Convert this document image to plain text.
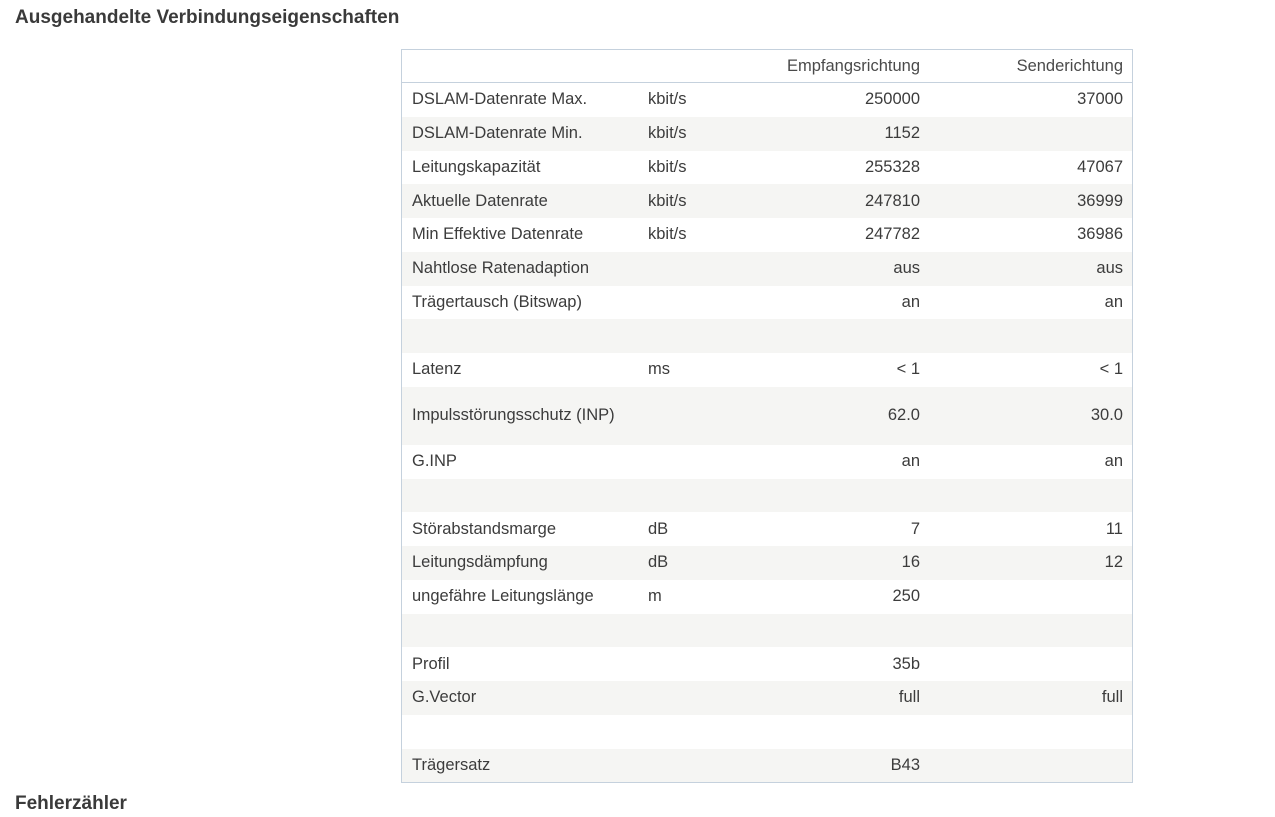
Ausgehandelte Verbindungseigenschaften
		Empfangsrichtung	Senderichtung
DSLAM-Datenrate Max.	kbit/s	250000	37000
DSLAM-Datenrate Min.	kbit/s	1152	
Leitungskapazität	kbit/s	255328	47067
Aktuelle Datenrate	kbit/s	247810	36999
Min Effektive Datenrate	kbit/s	247782	36986
Nahtlose Ratenadaption		aus	aus
Trägertausch (Bitswap)		an	an

Latenz	ms	< 1	< 1
Impulsstörungsschutz (INP)		62.0	30.0
G.INP		an	an

Störabstandsmarge	dB	7	11
Leitungsdämpfung	dB	16	12
ungefähre Leitungslänge	m	250	

Profil		35b	
G.Vector		full	full

Trägersatz		B43	
Fehlerzähler
